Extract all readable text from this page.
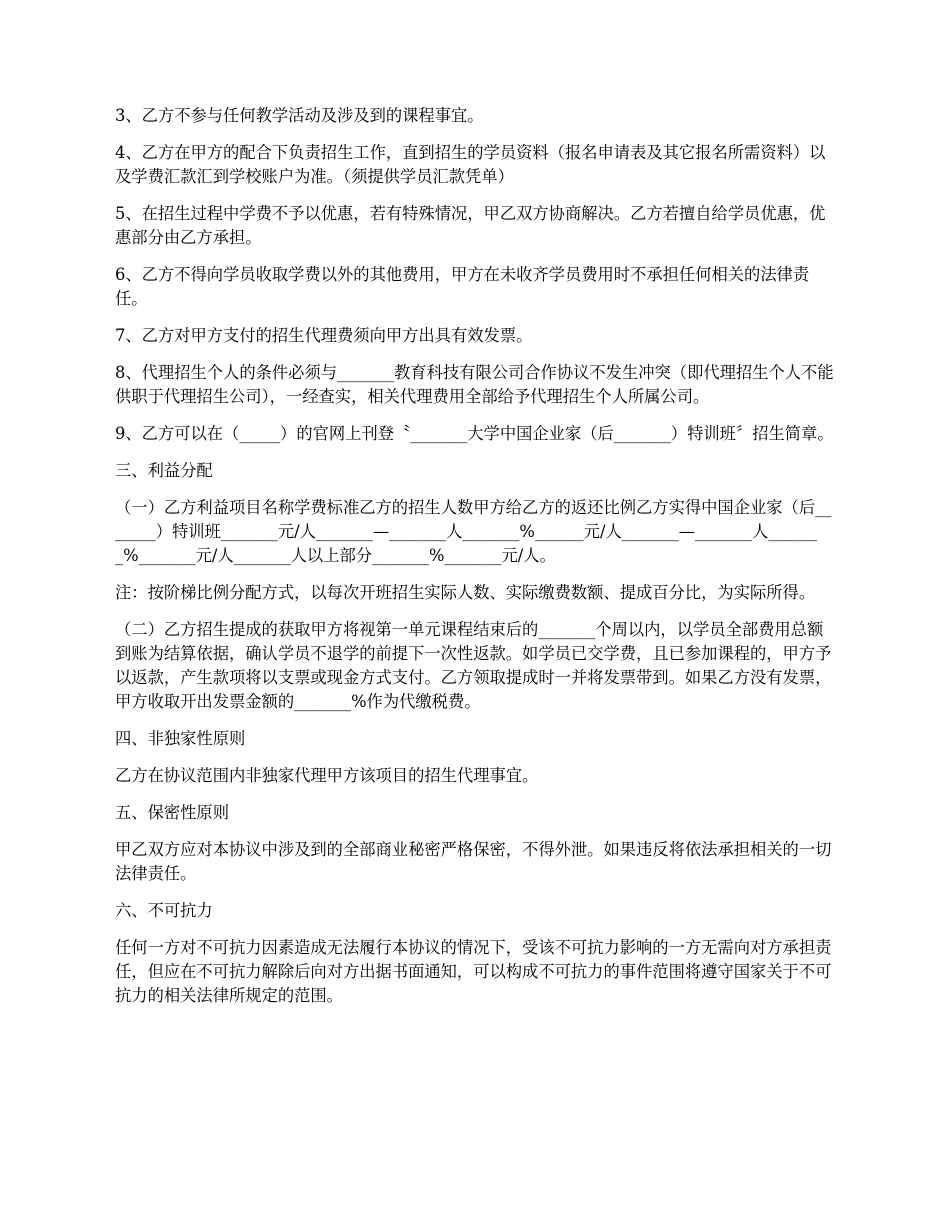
3、乙方不参与任何教学活动及涉及到的课程事宜。

4、乙方在甲方的配合下负责招生工作，直到招生的学员资料（报名申请表及其它报名所需资料）以及学费汇款汇到学校账户为准。（须提供学员汇款凭单）

5、在招生过程中学费不予以优惠，若有特殊情况，甲乙双方协商解决。乙方若擅自给学员优惠，优惠部分由乙方承担。

6、乙方不得向学员收取学费以外的其他费用，甲方在未收齐学员费用时不承担任何相关的法律责任。

7、乙方对甲方支付的招生代理费须向甲方出具有效发票。

8、代理招生个人的条件必须与_______教育科技有限公司合作协议不发生冲突（即代理招生个人不能供职于代理招生公司），一经查实，相关代理费用全部给予代理招生个人所属公司。

9、乙方可以在（_____）的官网上刊登〝_______大学中国企业家（后_______）特训班〞招生简章。

三、利益分配

（一）乙方利益项目名称学费标准乙方的招生人数甲方给乙方的返还比例乙方实得中国企业家（后_______）特训班_______元/人_______—_______人_______%______元/人_______—_______人_______%_______元/人_______人以上部分_______%_______元/人。

注：按阶梯比例分配方式，以每次开班招生实际人数、实际缴费数额、提成百分比，为实际所得。

（二）乙方招生提成的获取甲方将视第一单元课程结束后的_______个周以内，以学员全部费用总额到账为结算依据，确认学员不退学的前提下一次性返款。如学员已交学费，且已参加课程的，甲方予以返款，产生款项将以支票或现金方式支付。乙方领取提成时一并将发票带到。如果乙方没有发票，甲方收取开出发票金额的_______%作为代缴税费。

四、非独家性原则

乙方在协议范围内非独家代理甲方该项目的招生代理事宜。

五、保密性原则

甲乙双方应对本协议中涉及到的全部商业秘密严格保密，不得外泄。如果违反将依法承担相关的一切法律责任。

六、不可抗力

任何一方对不可抗力因素造成无法履行本协议的情况下，受该不可抗力影响的一方无需向对方承担责任，但应在不可抗力解除后向对方出据书面通知，可以构成不可抗力的事件范围将遵守国家关于不可抗力的相关法律所规定的范围。
